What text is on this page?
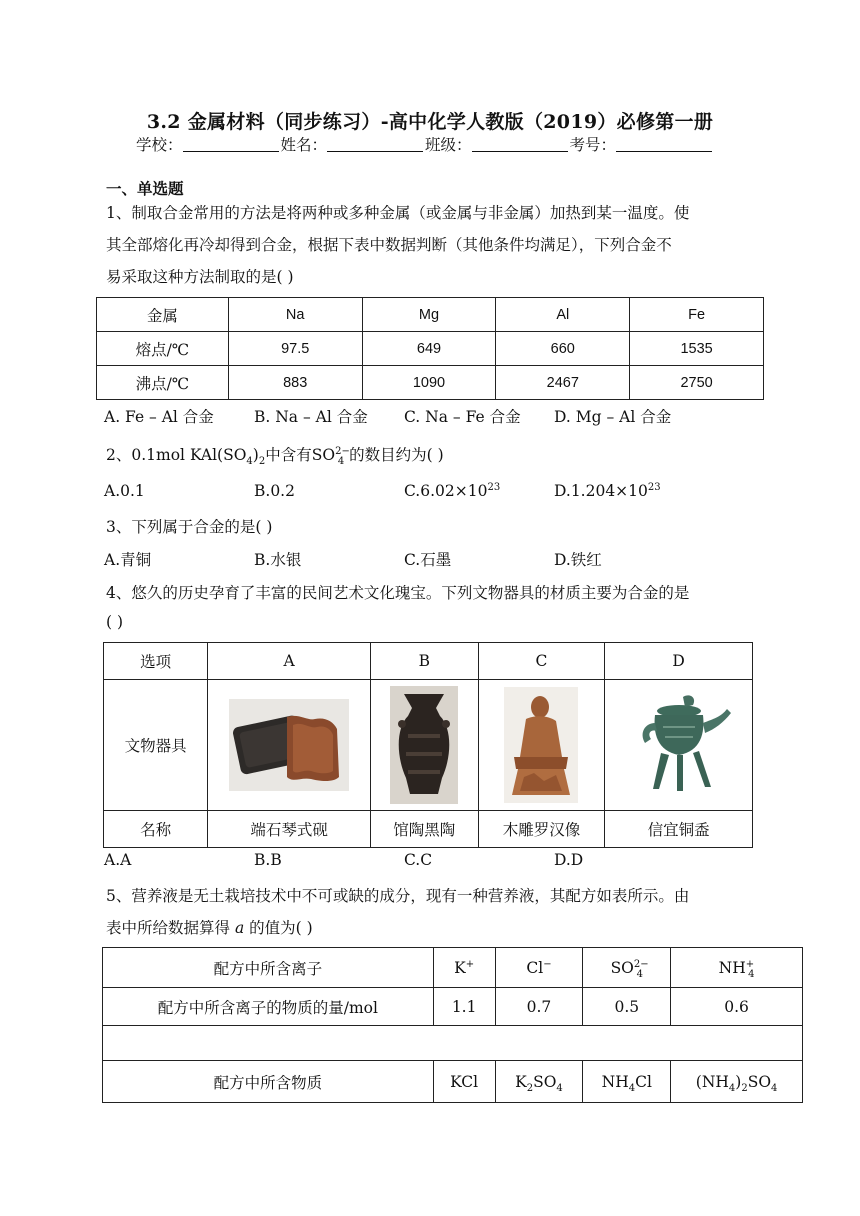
3.2 金属材料（同步练习）-高中化学人教版（2019）必修第一册
学校：	姓名：	班级：	考号：
一、单选题
1、制取合金常用的方法是将两种或多种金属（或金属与非金属）加热到某一温度。使
其全部熔化再冷却得到合金，根据下表中数据判断（其他条件均满足），下列合金不
易采取这种方法制取的是( )
金属	Na	Mg	Al	Fe
熔点/℃	97.5	649	660	1535
沸点/℃	883	1090	2467	2750
A. Fe – Al 合金	B. Na – Al 合金 C. Na – Fe 合金 D. Mg – Al 合金
2、0.1mol $KAl(SO_4)_2$中含有$SO^{2-}_4$ 的数目约为( )
A.0.1	B.0.2	$C.6.02\times 10^{23}$	$D.1.204\times 10^{23}$
3、下列属于合金的是( )
A.青铜	B.水银	C.石墨	D.铁红
4、悠久的历史孕育了丰富的民间艺术文化瑰宝。下列文物器具的材质主要为合金的是
( )
选项	A	B	C	D
文物器具				
名称	端石琴式砚	馆陶黑陶	木雕罗汉像	信宜铜盉
A.A	B.B	C.C	D.D
5、营养液是无土栽培技术中不可或缺的成分，现有一种营养液，其配方如表所示。由
表中所给数据算得 a 的值为( )
配方中所含离子	K+	Cl−	$SO^{2-}_4$	$NH^+_4$
配方中所含离子的物质的量/mol	1.1	0.7	0.5	0.6

配方中所含物质	KCl	$K_2SO_4$	$NH_4Cl$	$(NH_4)_2SO_4$
